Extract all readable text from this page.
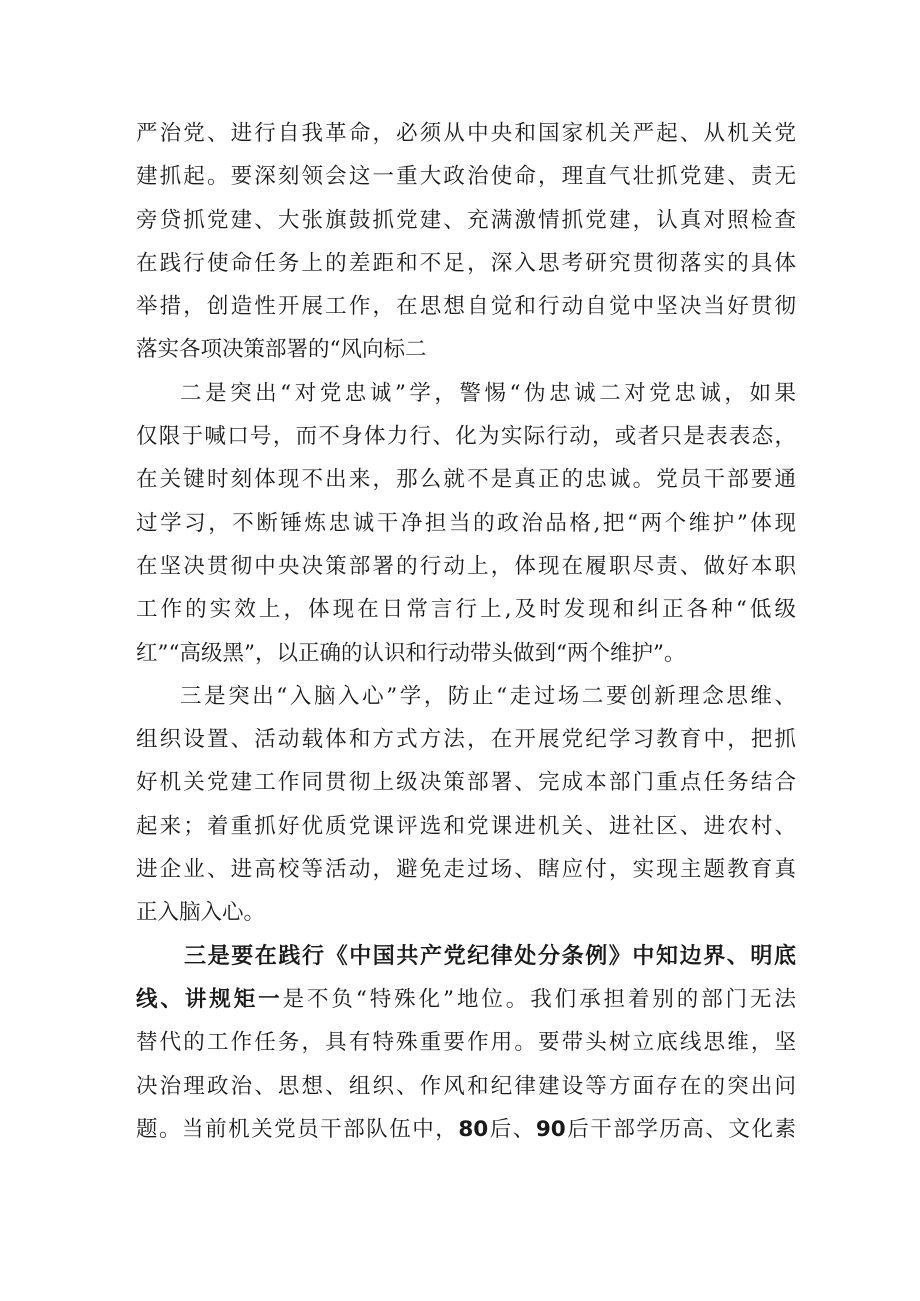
严治党、进行自我革命，必须从中央和国家机关严起、从机关党
建抓起。要深刻领会这一重大政治使命，理直气壮抓党建、责无
旁贷抓党建、大张旗鼓抓党建、充满激情抓党建，认真对照检查
在践行使命任务上的差距和不足，深入思考研究贯彻落实的具体
举措，创造性开展工作，在思想自觉和行动自觉中坚决当好贯彻
落实各项决策部署的“风向标二
二是突出“对党忠诚”学，警惕“伪忠诚二对党忠诚，如果
仅限于喊口号，而不身体力行、化为实际行动，或者只是表表态，
在关键时刻体现不出来，那么就不是真正的忠诚。党员干部要通
过学习，不断锤炼忠诚干净担当的政治品格,把“两个维护”体现
在坚决贯彻中央决策部署的行动上，体现在履职尽责、做好本职
工作的实效上，体现在日常言行上,及时发现和纠正各种“低级
红”“高级黑”，以正确的认识和行动带头做到“两个维护”。
三是突出“入脑入心”学，防止“走过场二要创新理念思维、
组织设置、活动载体和方式方法，在开展党纪学习教育中，把抓
好机关党建工作同贯彻上级决策部署、完成本部门重点任务结合
起来；着重抓好优质党课评选和党课进机关、进社区、进农村、
进企业、进高校等活动，避免走过场、瞎应付，实现主题教育真
正入脑入心。
三是要在践行《中国共产党纪律处分条例》中知边界、明底
线、讲规矩一是不负“特殊化”地位。我们承担着别的部门无法
替代的工作任务，具有特殊重要作用。要带头树立底线思维，坚
决治理政治、思想、组织、作风和纪律建设等方面存在的突出问
题。当前机关党员干部队伍中，80后、90后干部学历高、文化素
